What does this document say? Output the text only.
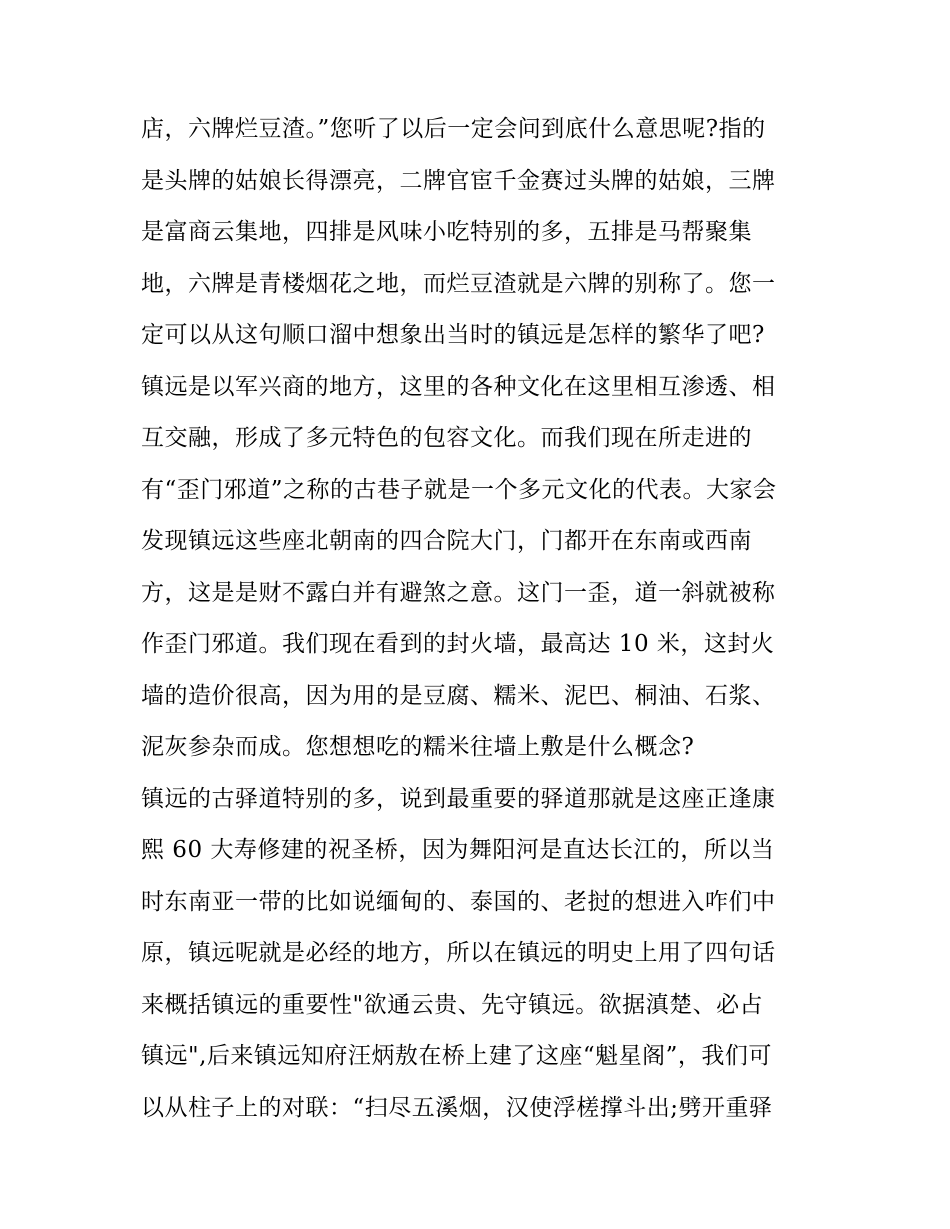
店，六牌烂豆渣。”您听了以后一定会问到底什么意思呢?指的
是头牌的姑娘长得漂亮，二牌官宦千金赛过头牌的姑娘，三牌
是富商云集地，四排是风味小吃特别的多，五排是马帮聚集
地，六牌是青楼烟花之地，而烂豆渣就是六牌的别称了。您一
定可以从这句顺口溜中想象出当时的镇远是怎样的繁华了吧?
镇远是以军兴商的地方，这里的各种文化在这里相互渗透、相
互交融，形成了多元特色的包容文化。而我们现在所走进的
有“歪门邪道”之称的古巷子就是一个多元文化的代表。大家会
发现镇远这些座北朝南的四合院大门，门都开在东南或西南
方，这是是财不露白并有避煞之意。这门一歪，道一斜就被称
作歪门邪道。我们现在看到的封火墙，最高达 10 米，这封火
墙的造价很高，因为用的是豆腐、糯米、泥巴、桐油、石浆、
泥灰参杂而成。您想想吃的糯米往墙上敷是什么概念?
镇远的古驿道特别的多，说到最重要的驿道那就是这座正逢康
熙 60 大寿修建的祝圣桥，因为舞阳河是直达长江的，所以当
时东南亚一带的比如说缅甸的、泰国的、老挝的想进入咋们中
原，镇远呢就是必经的地方，所以在镇远的明史上用了四句话
来概括镇远的重要性"欲通云贵、先守镇远。欲据滇楚、必占
镇远",后来镇远知府汪炳敖在桥上建了这座“魁星阁”，我们可
以从柱子上的对联：“扫尽五溪烟，汉使浮槎撑斗出;劈开重驿
